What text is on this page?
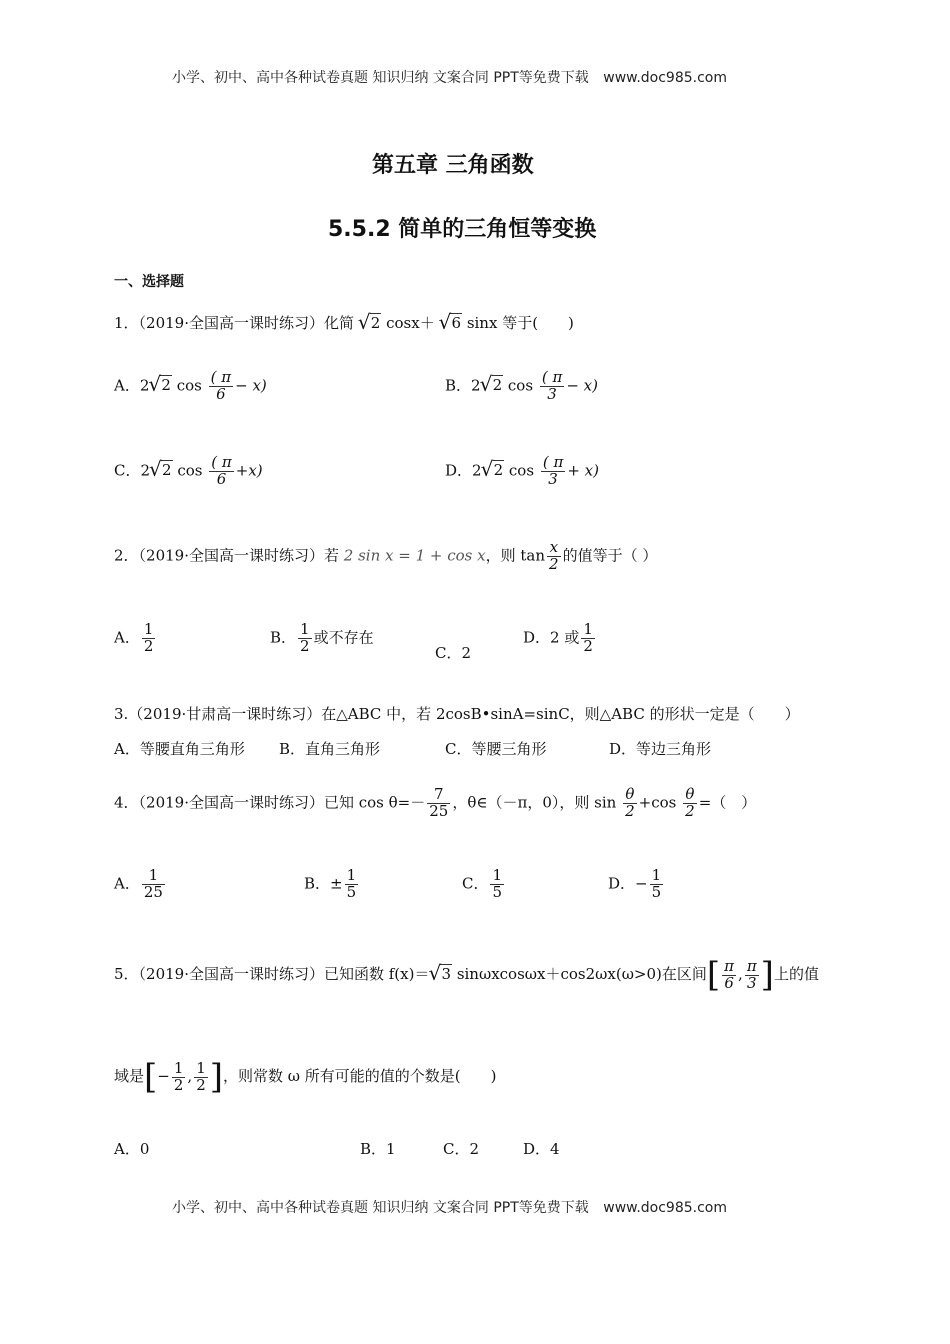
小学、初中、高中各种试卷真题 知识归纳 文案合同 PPT等免费下载 www.doc985.com
第五章 三角函数
5.5.2 简单的三角恒等变换
一、选择题
1．（2019·全国高一课时练习）化简 √ 2 cosx＋ √ 6 sinx 等于(　　)
A．2 √ 2 $\cos \frac{( \pi}{6} - x$)	B．2 √ 2 $\cos \frac{( \pi}{3} - x$)
C．2 √ 2 $\cos \frac{( \pi}{6} +x$)	D．2 √ 2 $\cos \frac{( \pi}{3} + x$)
2．（2019·全国高一课时练习）若 2 sin x = 1 + cos x，则 $\tan \frac{x}{2}$ 的值等于（ ）
A． $\frac{1}{2}$	B． $\frac{1}{2}$ 或不存在
C．2
D．2 或 $\frac{1}{2}$
3.（2019·甘肃高一课时练习）在△ABC 中，若 2cosB•sinA=sinC，则△ABC 的形状一定是（　　）
A．等腰直角三角形 B．直角三角形	C．等腰三角形	D．等边三角形
4．（2019·全国高一课时练习）已知 $\cos \theta=- \frac{7}{25}$ ，θ∈（－π，0），则 $\sin \frac{\theta}{2} +\cos \frac{\theta}{2}$ =（　）
A． $\frac{1}{25}$	B．± $\frac{1}{5}$	C． $\frac{1}{5}$	D．− $\frac{1}{5}$
5．（2019·全国高一课时练习）已知函数 f(x)＝ √ 3 sinωxcosωx＋cos2ωx(ω>0)在区间[ $\frac{\pi}{6}$ , $\frac{\pi}{3}$ ]上的值
域是[− $\frac{1}{2}$ , $\frac{1}{2}$ ]，则常数 ω 所有可能的值的个数是(　　)
A．0	B．1	C．2	D．4
小学、初中、高中各种试卷真题 知识归纳 文案合同 PPT等免费下载 www.doc985.com
